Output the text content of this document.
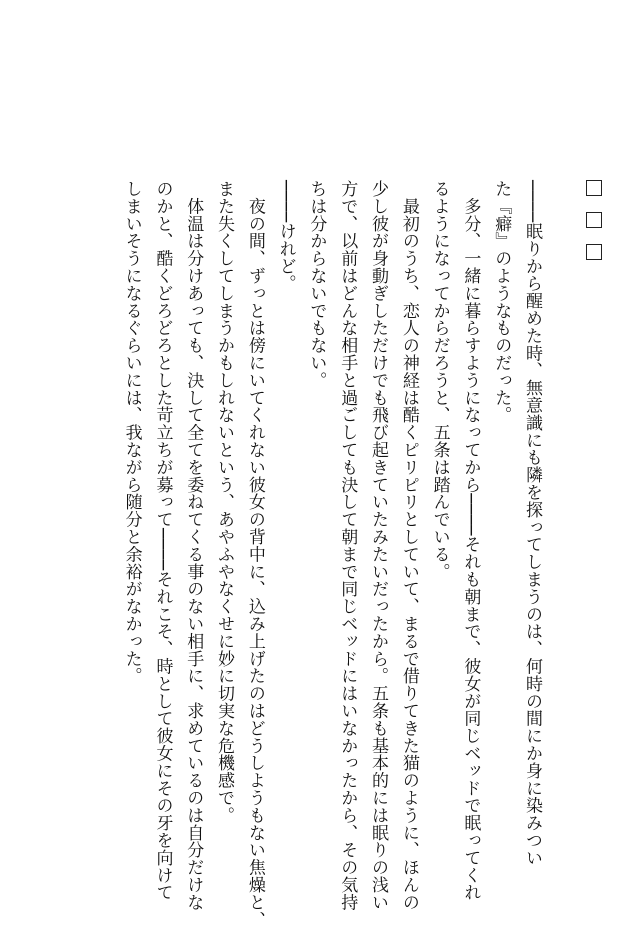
────眠りから醒めた時、無意識にも隣を探ってしまうのは、何時の間にか身に染みつい
た『癖』のようなものだった。
　多分、一緒に暮らすようになってから────それも朝まで、彼女が同じベッドで眠ってくれ
るようになってからだろうと、五条は踏んでいる。
　最初のうち、恋人の神経は酷くピリピリとしていて、まるで借りてきた猫のように、ほんの
少し彼が身動ぎしただけでも飛び起きていたみたいだったから。五条も基本的には眠りの浅い
方で、以前はどんな相手と過ごしても決して朝まで同じベッドにはいなかったから、その気持
ちは分からないでもない。
────けれど。
　夜の間、ずっとは傍にいてくれない彼女の背中に、込み上げたのはどうしようもない焦燥と、
また失くしてしまうかもしれないという、あやふやなくせに妙に切実な危機感で。
　体温は分けあっても、決して全てを委ねてくる事のない相手に、求めているのは自分だけな
のかと、酷くどろどろとした苛立ちが募って────それこそ、時として彼女にその牙を向けて
しまいそうになるぐらいには、我ながら随分と余裕がなかった。
